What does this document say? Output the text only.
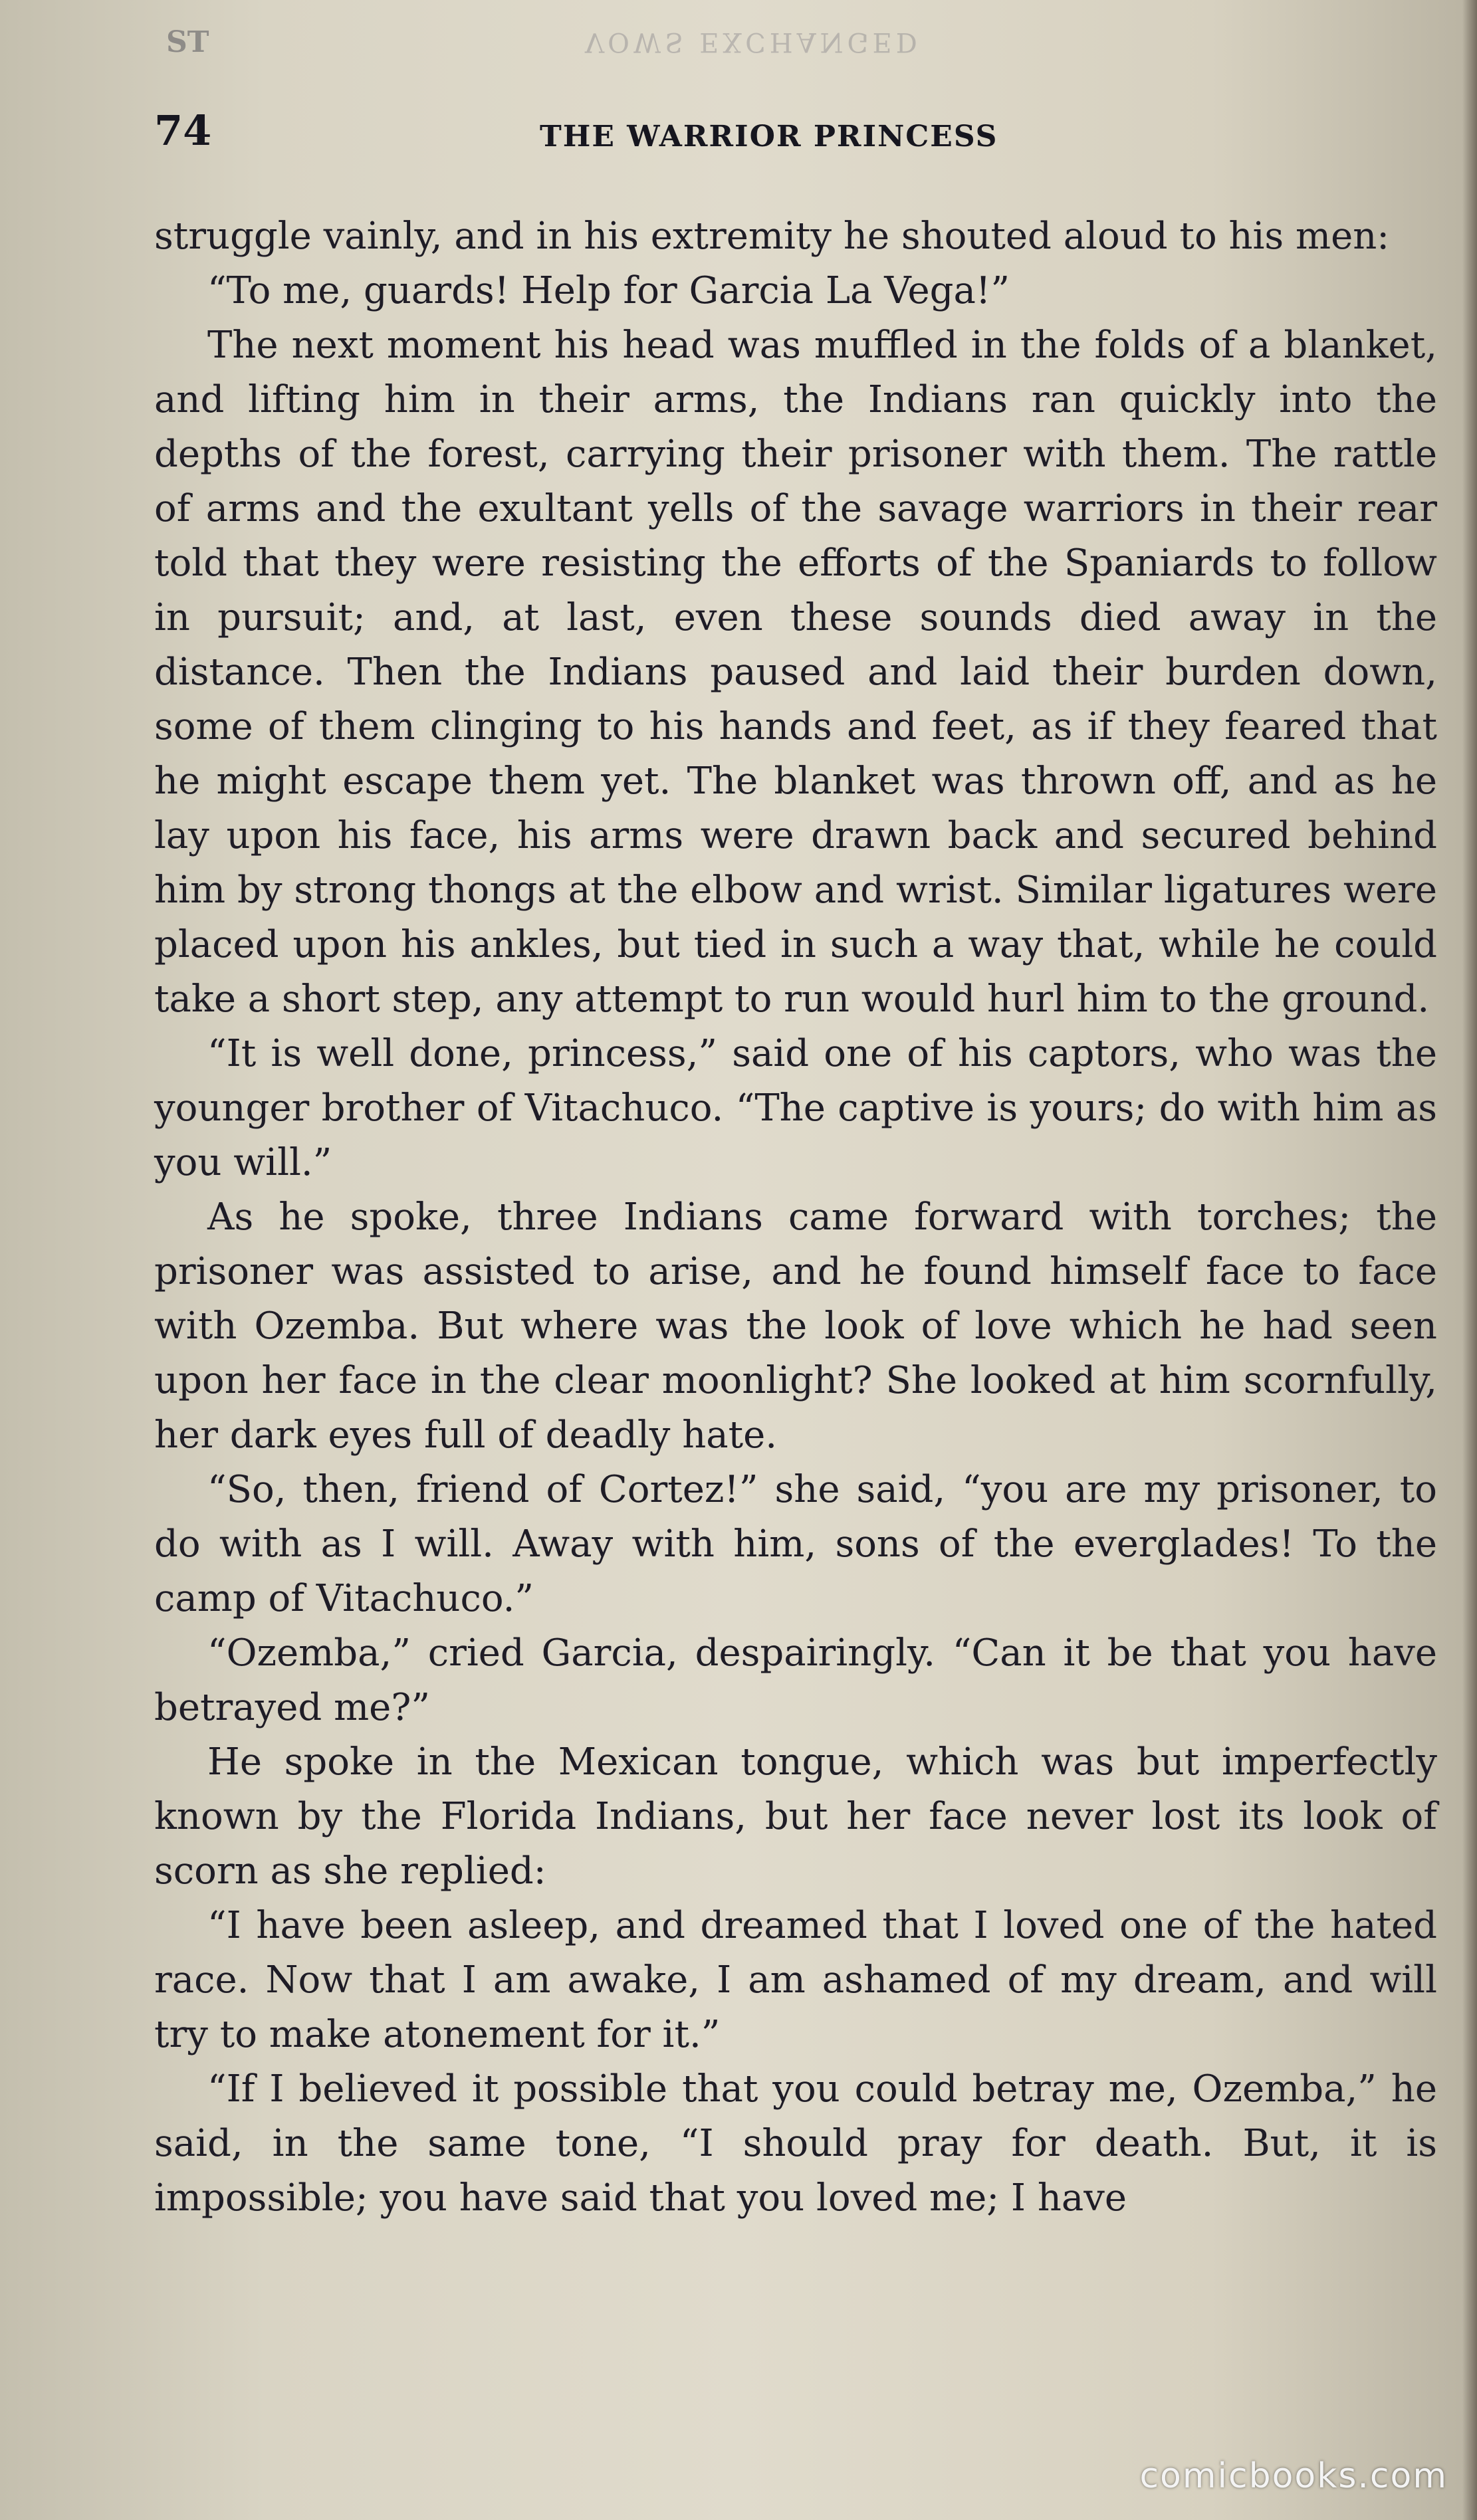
ST	VOWS EXCHANGED
74	THE WARRIOR PRINCESS

struggle vainly, and in his extremity he shouted aloud to his men:

“To me, guards! Help for Garcia La Vega!”

The next moment his head was muffled in the folds of a blanket, and lifting him in their arms, the Indians ran quickly into the depths of the forest, carrying their prisoner with them. The rattle of arms and the exultant yells of the savage warriors in their rear told that they were resisting the efforts of the Spaniards to follow in pursuit; and, at last, even these sounds died away in the distance. Then the Indians paused and laid their burden down, some of them clinging to his hands and feet, as if they feared that he might escape them yet. The blanket was thrown off, and as he lay upon his face, his arms were drawn back and secured behind him by strong thongs at the elbow and wrist. Similar ligatures were placed upon his ankles, but tied in such a way that, while he could take a short step, any attempt to run would hurl him to the ground.

“It is well done, princess,” said one of his captors, who was the younger brother of Vitachuco. “The captive is yours; do with him as you will.”

As he spoke, three Indians came forward with torches; the prisoner was assisted to arise, and he found himself face to face with Ozemba. But where was the look of love which he had seen upon her face in the clear moonlight? She looked at him scornfully, her dark eyes full of deadly hate.

“So, then, friend of Cortez!” she said, “you are my prisoner, to do with as I will. Away with him, sons of the everglades! To the camp of Vitachuco.”

“Ozemba,” cried Garcia, despairingly. “Can it be that you have betrayed me?”

He spoke in the Mexican tongue, which was but imperfectly known by the Florida Indians, but her face never lost its look of scorn as she replied:

“I have been asleep, and dreamed that I loved one of the hated race. Now that I am awake, I am ashamed of my dream, and will try to make atonement for it.”

“If I believed it possible that you could betray me, Ozemba,” he said, in the same tone, “I should pray for death. But, it is impossible; you have said that you loved me; I have

comicbooks.com
